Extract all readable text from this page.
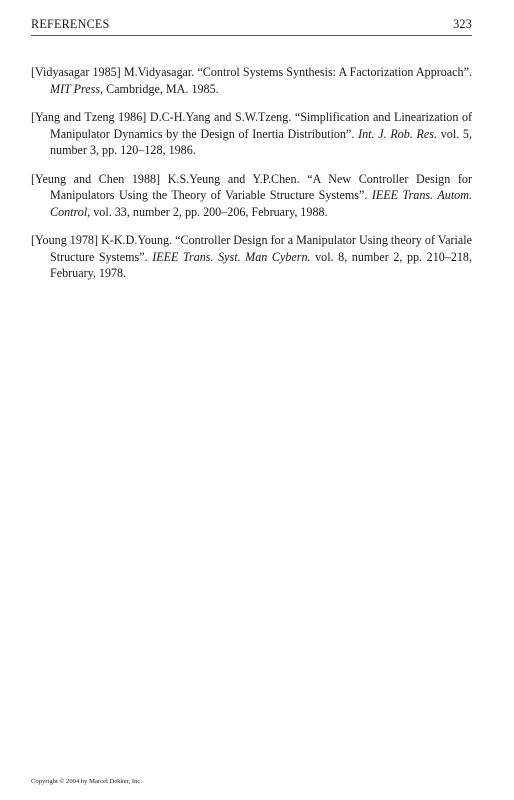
REFERENCES	323

[Vidyasagar 1985] M.Vidyasagar. “Control Systems Synthesis: A Factorization Approach”. MIT Press, Cambridge, MA. 1985.

[Yang and Tzeng 1986] D.C-H.Yang and S.W.Tzeng. “Simplification and Linearization of Manipulator Dynamics by the Design of Inertia Distribution”. Int. J. Rob. Res. vol. 5, number 3, pp. 120–128, 1986.

[Yeung and Chen 1988] K.S.Yeung and Y.P.Chen. “A New Controller Design for Manipulators Using the Theory of Variable Structure Systems”. IEEE Trans. Autom. Control, vol. 33, number 2, pp. 200–206, February, 1988.

[Young 1978] K-K.D.Young. “Controller Design for a Manipulator Using theory of Variale Structure Systems”. IEEE Trans. Syst. Man Cybern. vol. 8, number 2, pp. 210–218, February, 1978.

Copyright © 2004 by Marcel Dekker, Inc.
